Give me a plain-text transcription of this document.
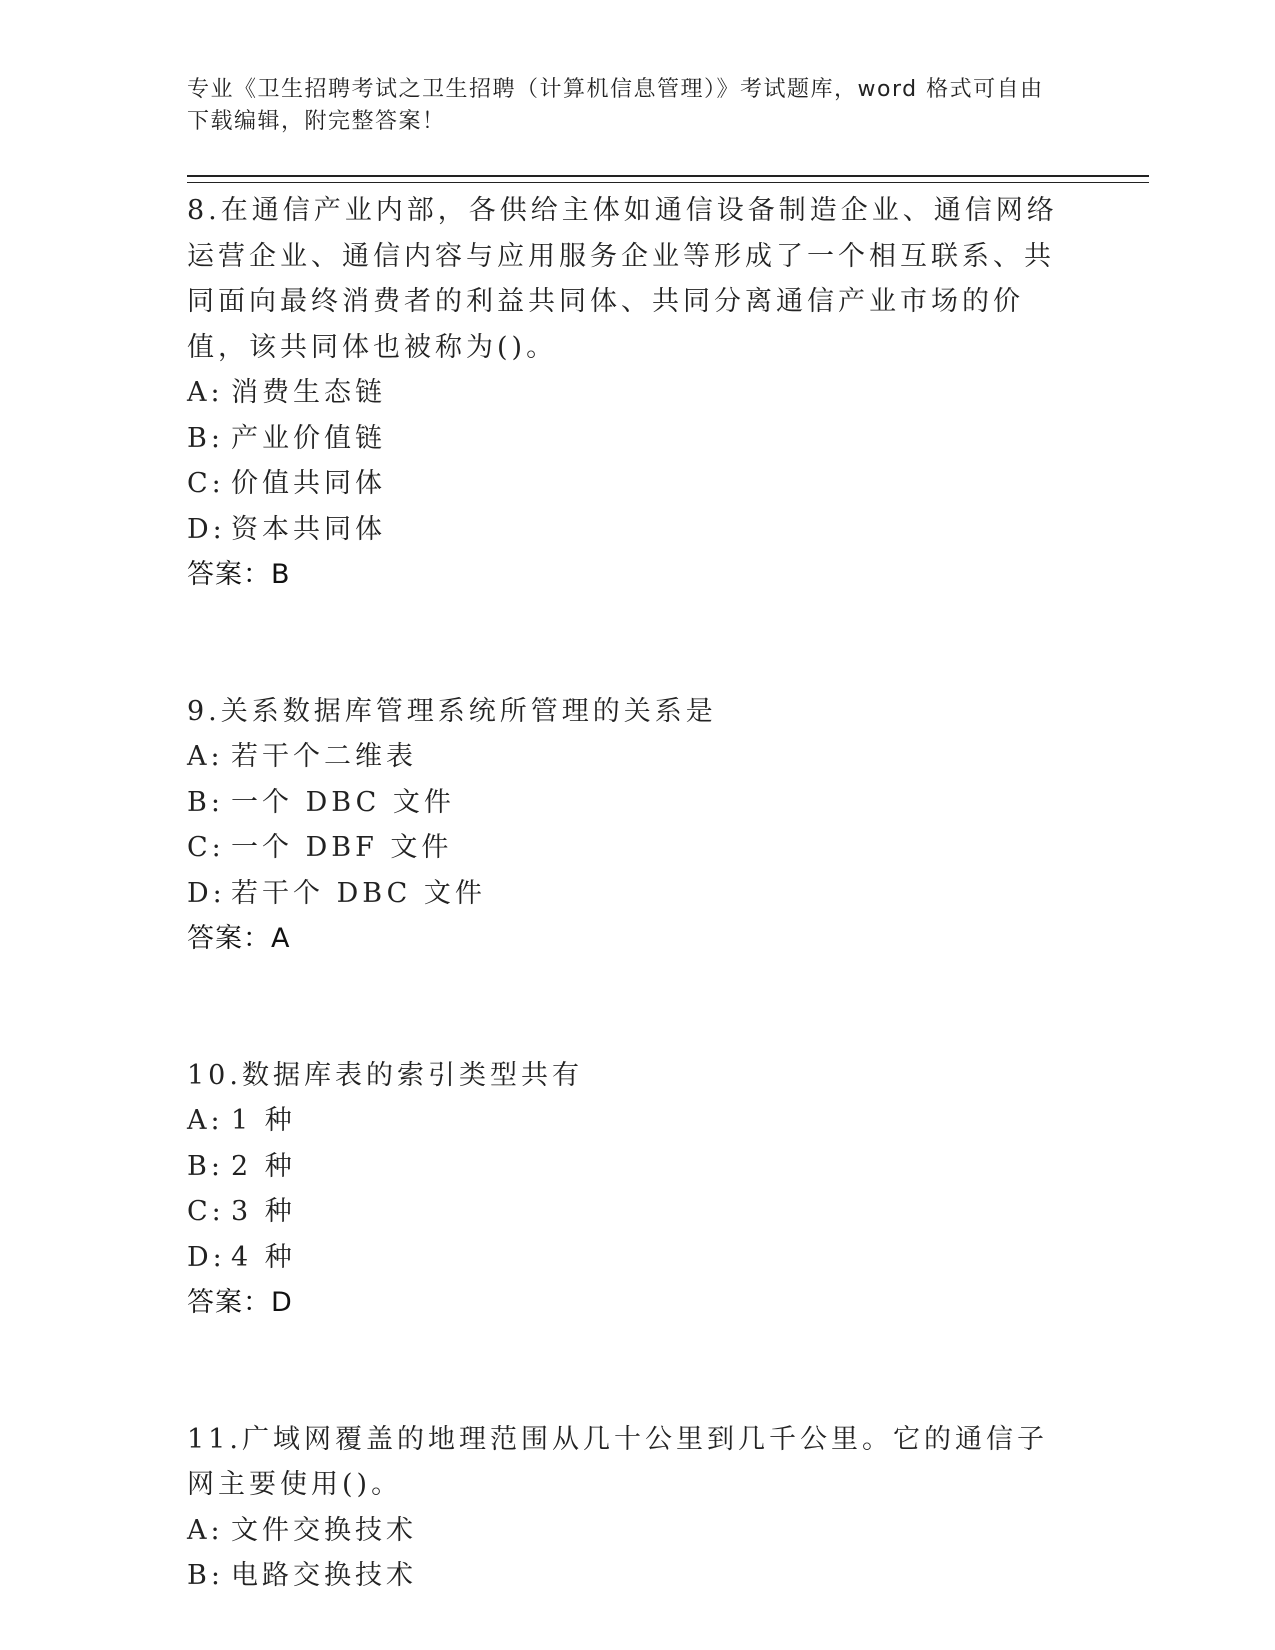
专业《卫生招聘考试之卫生招聘（计算机信息管理）》考试题库，word 格式可自由下载编辑，附完整答案！

8.在通信产业内部，各供给主体如通信设备制造企业、通信网络运营企业、通信内容与应用服务企业等形成了一个相互联系、共同面向最终消费者的利益共同体、共同分离通信产业市场的价值，该共同体也被称为()。

A: 消费生态链

B: 产业价值链

C: 价值共同体

D: 资本共同体

答案：B

9.关系数据库管理系统所管理的关系是

A: 若干个二维表

B: 一个 DBC 文件

C: 一个 DBF 文件

D: 若干个 DBC 文件

答案：A

10.数据库表的索引类型共有

A: 1 种

B: 2 种

C: 3 种

D: 4 种

答案：D

11.广域网覆盖的地理范围从几十公里到几千公里。它的通信子网主要使用()。

A: 文件交换技术

B: 电路交换技术
